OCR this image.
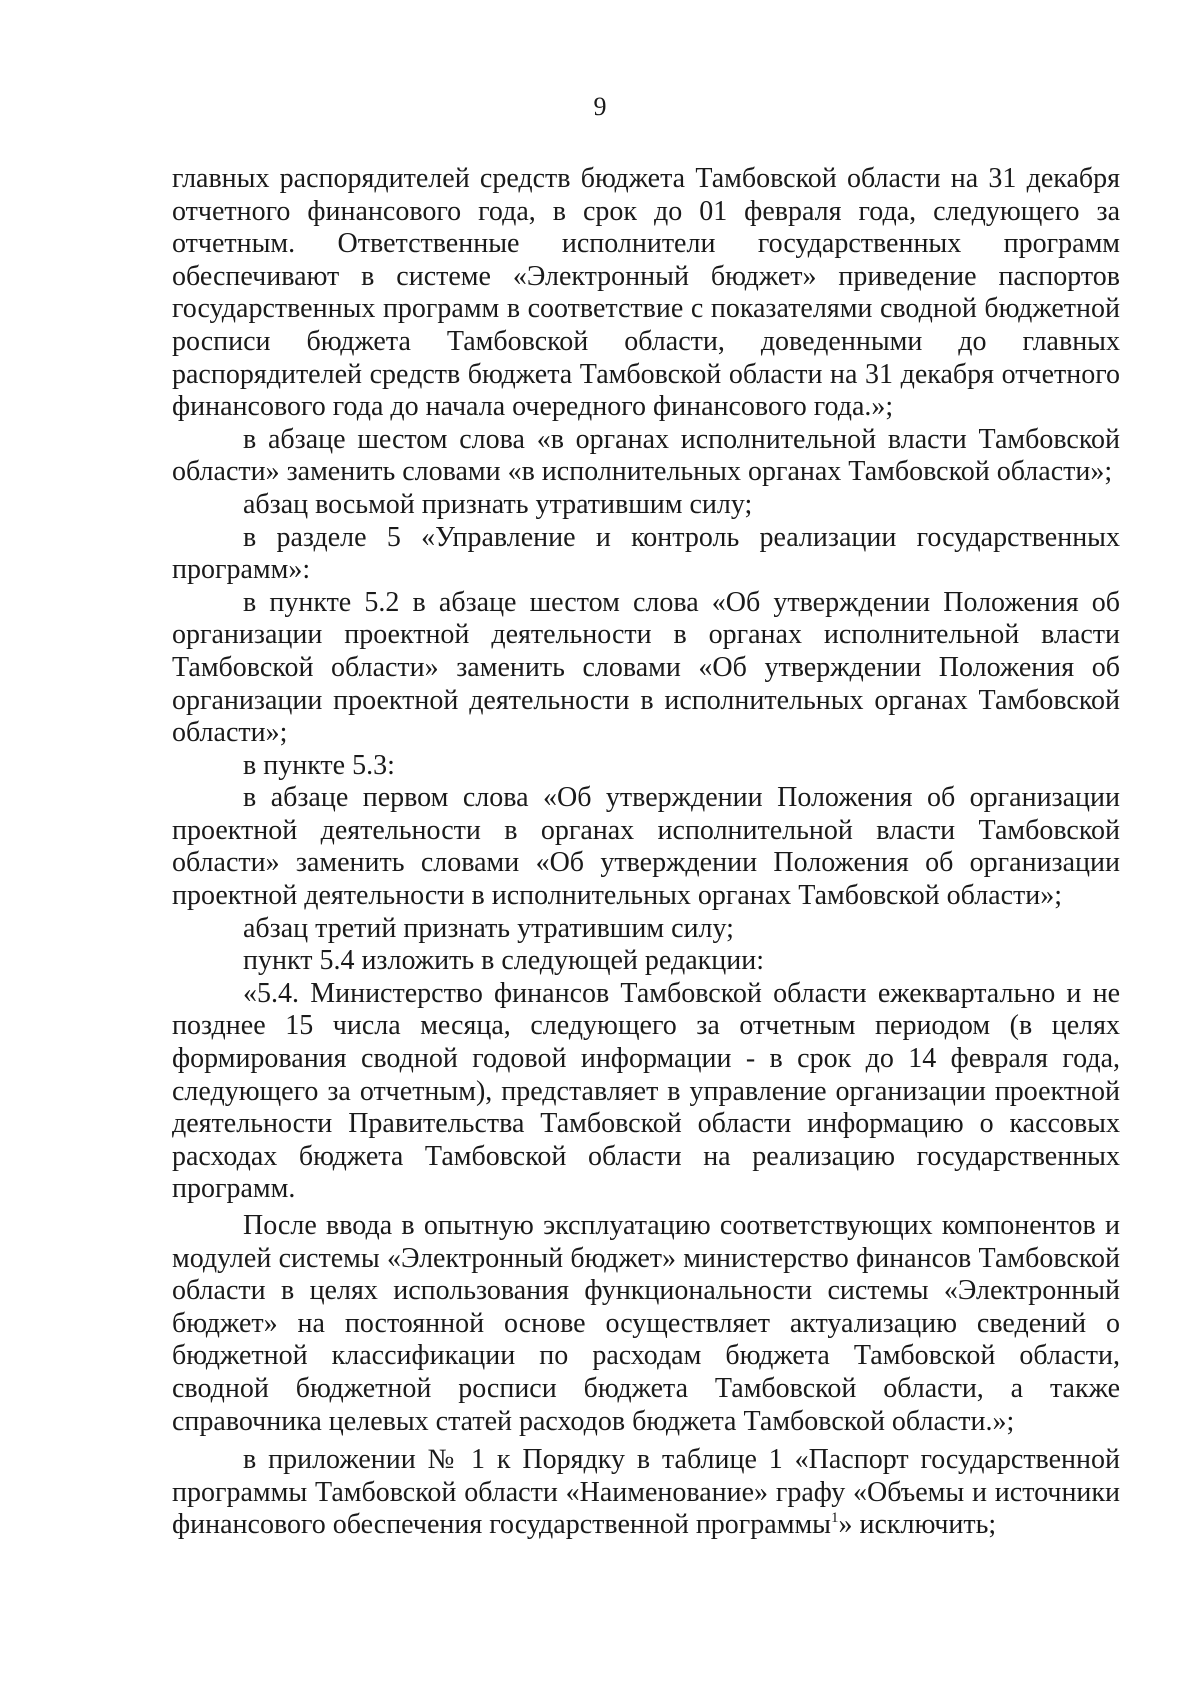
9

главных распорядителей средств бюджета Тамбовской области на 31 декабря отчетного финансового года, в срок до 01 февраля года, следующего за отчетным. Ответственные исполнители государственных программ обеспечивают в системе «Электронный бюджет» приведение паспортов государственных программ в соответствие с показателями сводной бюджетной росписи бюджета Тамбовской области, доведенными до главных распорядителей средств бюджета Тамбовской области на 31 декабря отчетного финансового года до начала очередного финансового года.»;

в абзаце шестом слова «в органах исполнительной власти Тамбовской области» заменить словами «в исполнительных органах Тамбовской области»;

абзац восьмой признать утратившим силу;

в разделе 5 «Управление и контроль реализации государственных программ»:

в пункте 5.2 в абзаце шестом слова «Об утверждении Положения об организации проектной деятельности в органах исполнительной власти Тамбовской области» заменить словами «Об утверждении Положения об организации проектной деятельности в исполнительных органах Тамбовской области»;

в пункте 5.3:

в абзаце первом слова «Об утверждении Положения об организации проектной деятельности в органах исполнительной власти Тамбовской области» заменить словами «Об утверждении Положения об организации проектной деятельности в исполнительных органах Тамбовской области»;

абзац третий признать утратившим силу;

пункт 5.4 изложить в следующей редакции:

«5.4. Министерство финансов Тамбовской области ежеквартально и не позднее 15 числа месяца, следующего за отчетным периодом (в целях формирования сводной годовой информации - в срок до 14 февраля года, следующего за отчетным), представляет в управление организации проектной деятельности Правительства Тамбовской области информацию о кассовых расходах бюджета Тамбовской области на реализацию государственных программ.

После ввода в опытную эксплуатацию соответствующих компонентов и модулей системы «Электронный бюджет» министерство финансов Тамбовской области в целях использования функциональности системы «Электронный бюджет» на постоянной основе осуществляет актуализацию сведений о бюджетной классификации по расходам бюджета Тамбовской области, сводной бюджетной росписи бюджета Тамбовской области, а также справочника целевых статей расходов бюджета Тамбовской области.»;

в приложении № 1 к Порядку в таблице 1 «Паспорт государственной программы Тамбовской области «Наименование» графу «Объемы и источники финансового обеспечения государственной программы$^1$» исключить;
